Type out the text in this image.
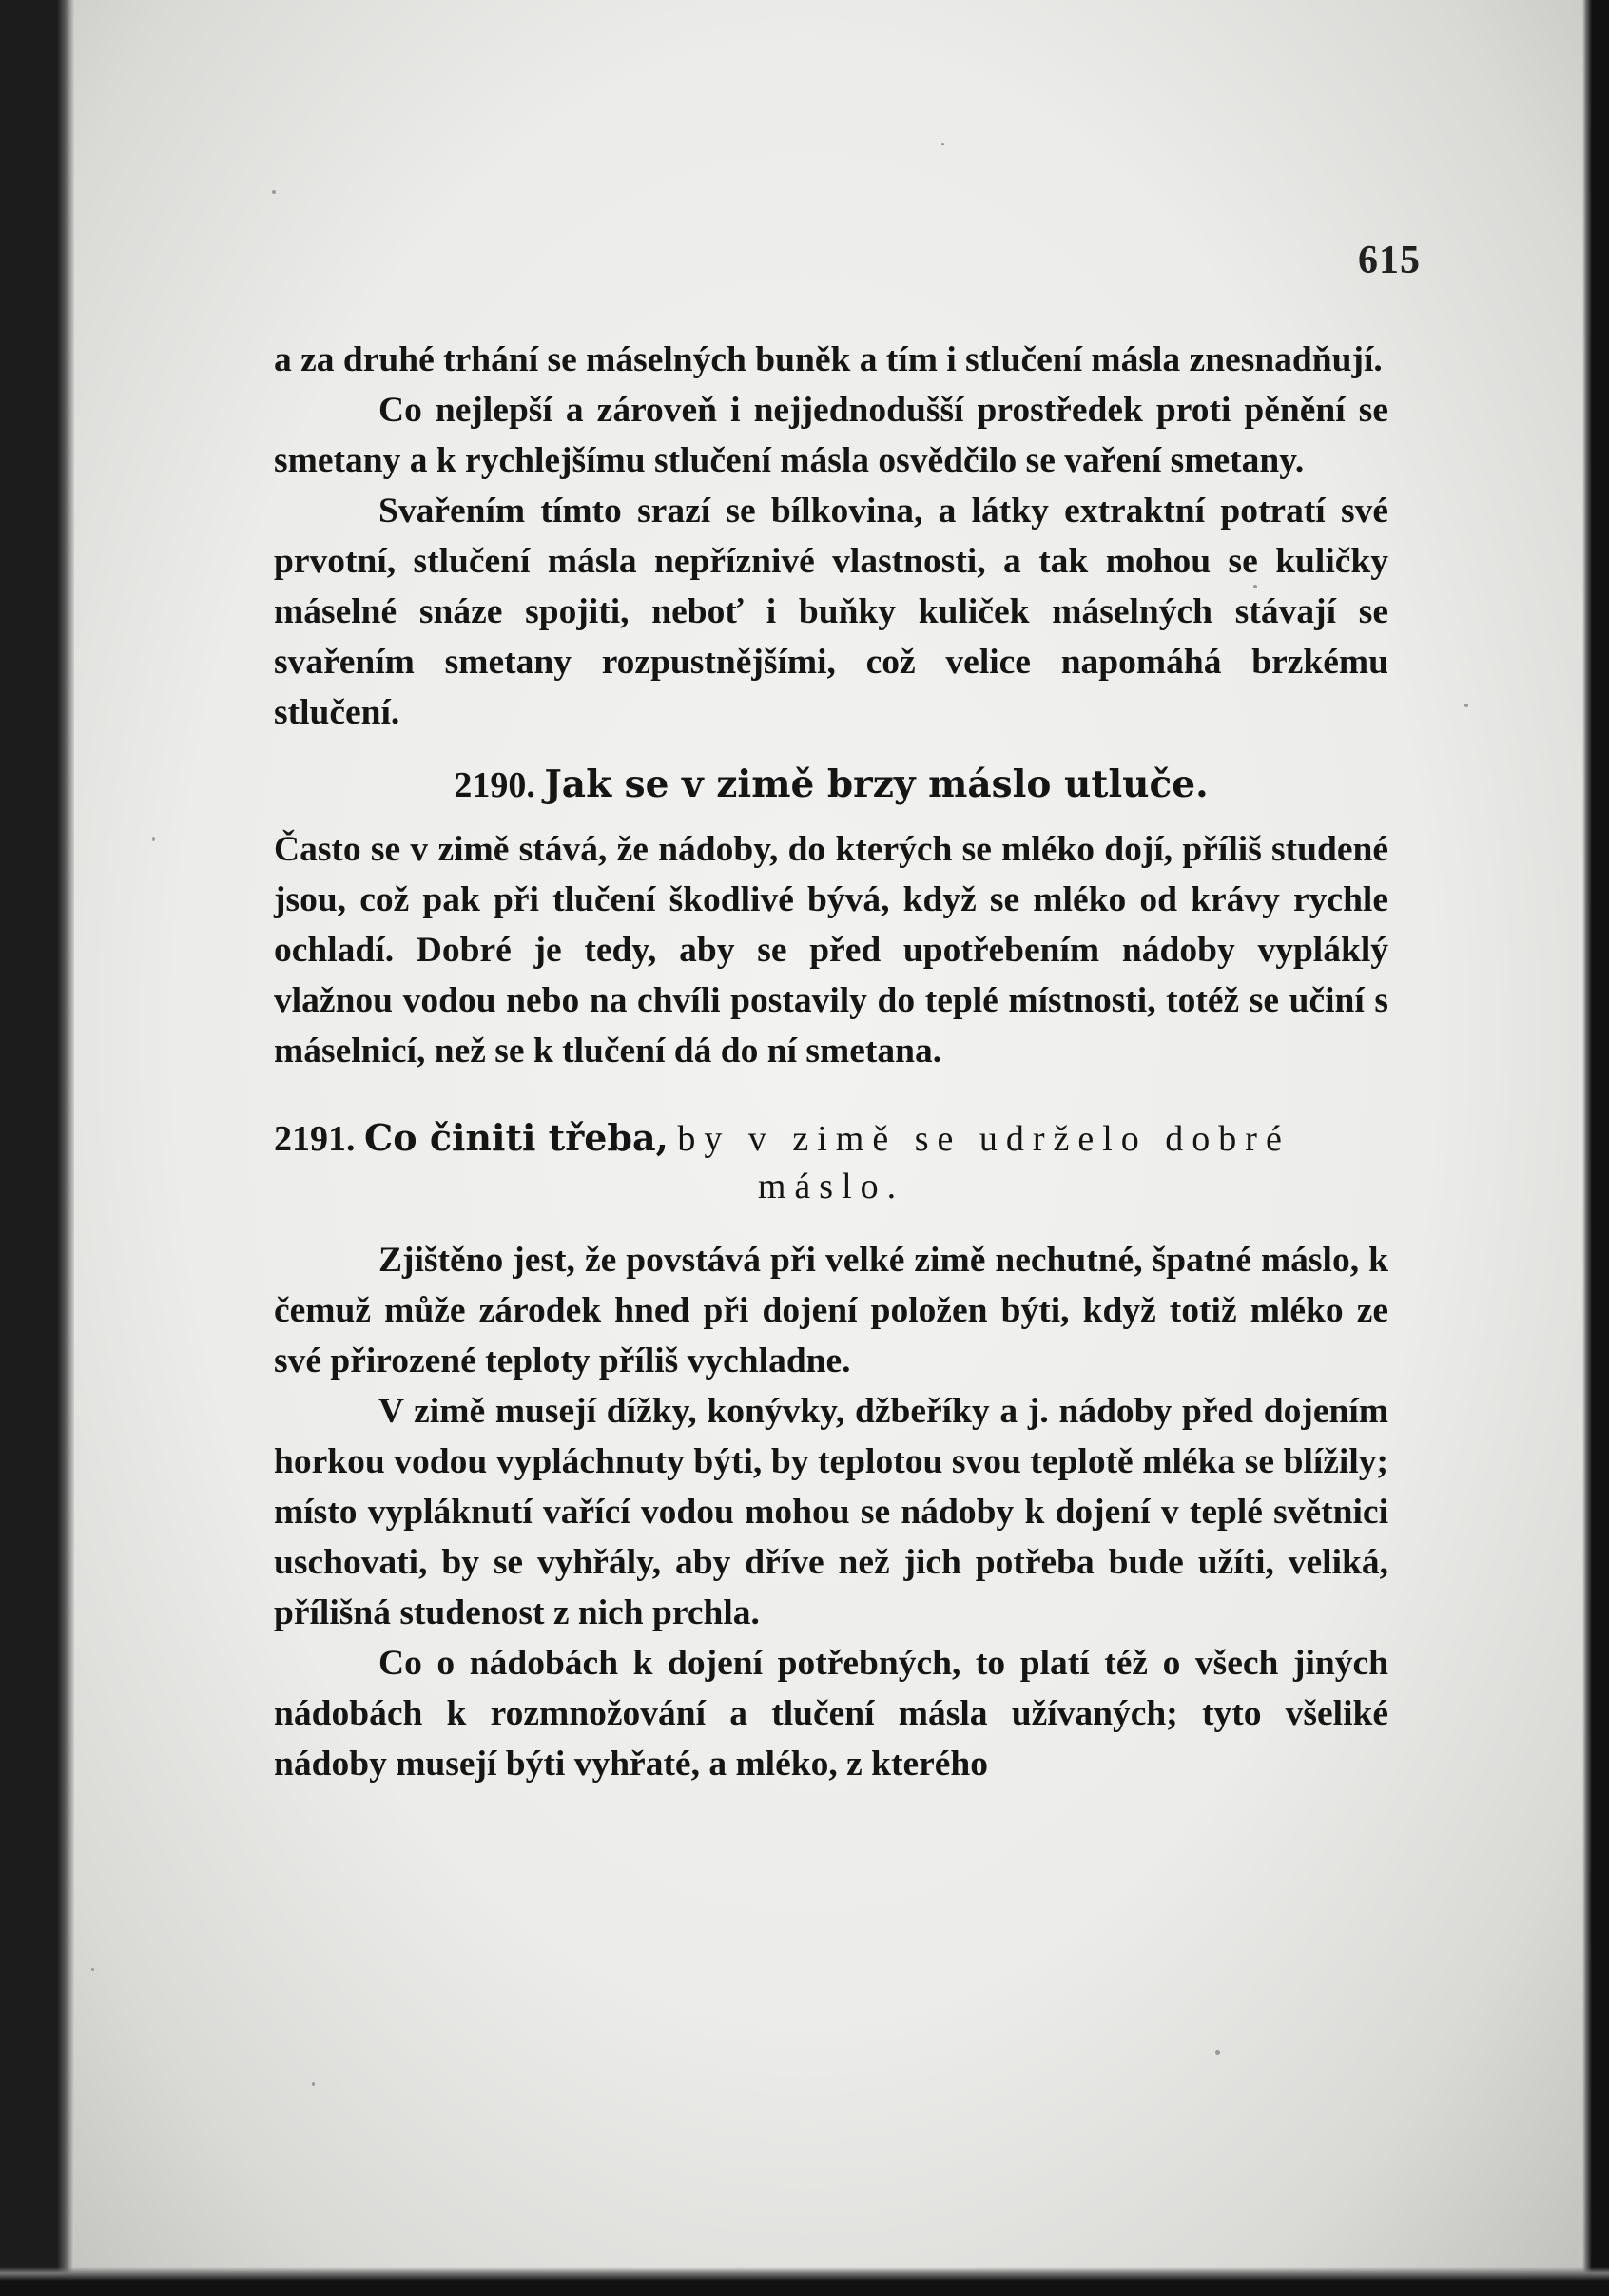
615

a za druhé trhání se máselných buněk a tím i stlučení másla znesnadňují.

Co nejlepší a zároveň i nejjednodušší prostředek proti pěnění se smetany a k rychlejšímu stlučení másla osvědčilo se vaření smetany.

Svařením tímto srazí se bílkovina, a látky extraktní potratí své prvotní, stlučení másla nepříznivé vlastnosti, a tak mohou se kuličky máselné snáze spojiti, neboť i buňky kuliček máselných stávají se svařením smetany rozpustnějšími, což velice napomáhá brzkému stlučení.

2190. Jak se v zimě brzy máslo utluče.

Často se v zimě stává, že nádoby, do kterých se mléko dojí, příliš studené jsou, což pak při tlučení škodlivé bývá, když se mléko od krávy rychle ochladí. Dobré je tedy, aby se před upotřebením nádoby vypláklý vlažnou vodou nebo na chvíli postavily do teplé místnosti, totéž se učiní s máselnicí, než se k tlučení dá do ní smetana.

2191. Co činiti třeba, by v zimě se udrželo dobré
máslo.

Zjištěno jest, že povstává při velké zimě nechutné, špatné máslo, k čemuž může zárodek hned při dojení položen býti, když totiž mléko ze své přirozené teploty příliš vychladne.

V zimě musejí dížky, konývky, džbeříky a j. nádoby před dojením horkou vodou vypláchnuty býti, by teplotou svou teplotě mléka se blížily; místo vypláknutí vařící vodou mohou se nádoby k dojení v teplé světnici uschovati, by se vyhřály, aby dříve než jich potřeba bude užíti, veliká, přílišná studenost z nich prchla.

Co o nádobách k dojení potřebných, to platí též o všech jiných nádobách k rozmnožování a tlučení másla užívaných; tyto všeliké nádoby musejí býti vyhřaté, a mléko, z kterého
